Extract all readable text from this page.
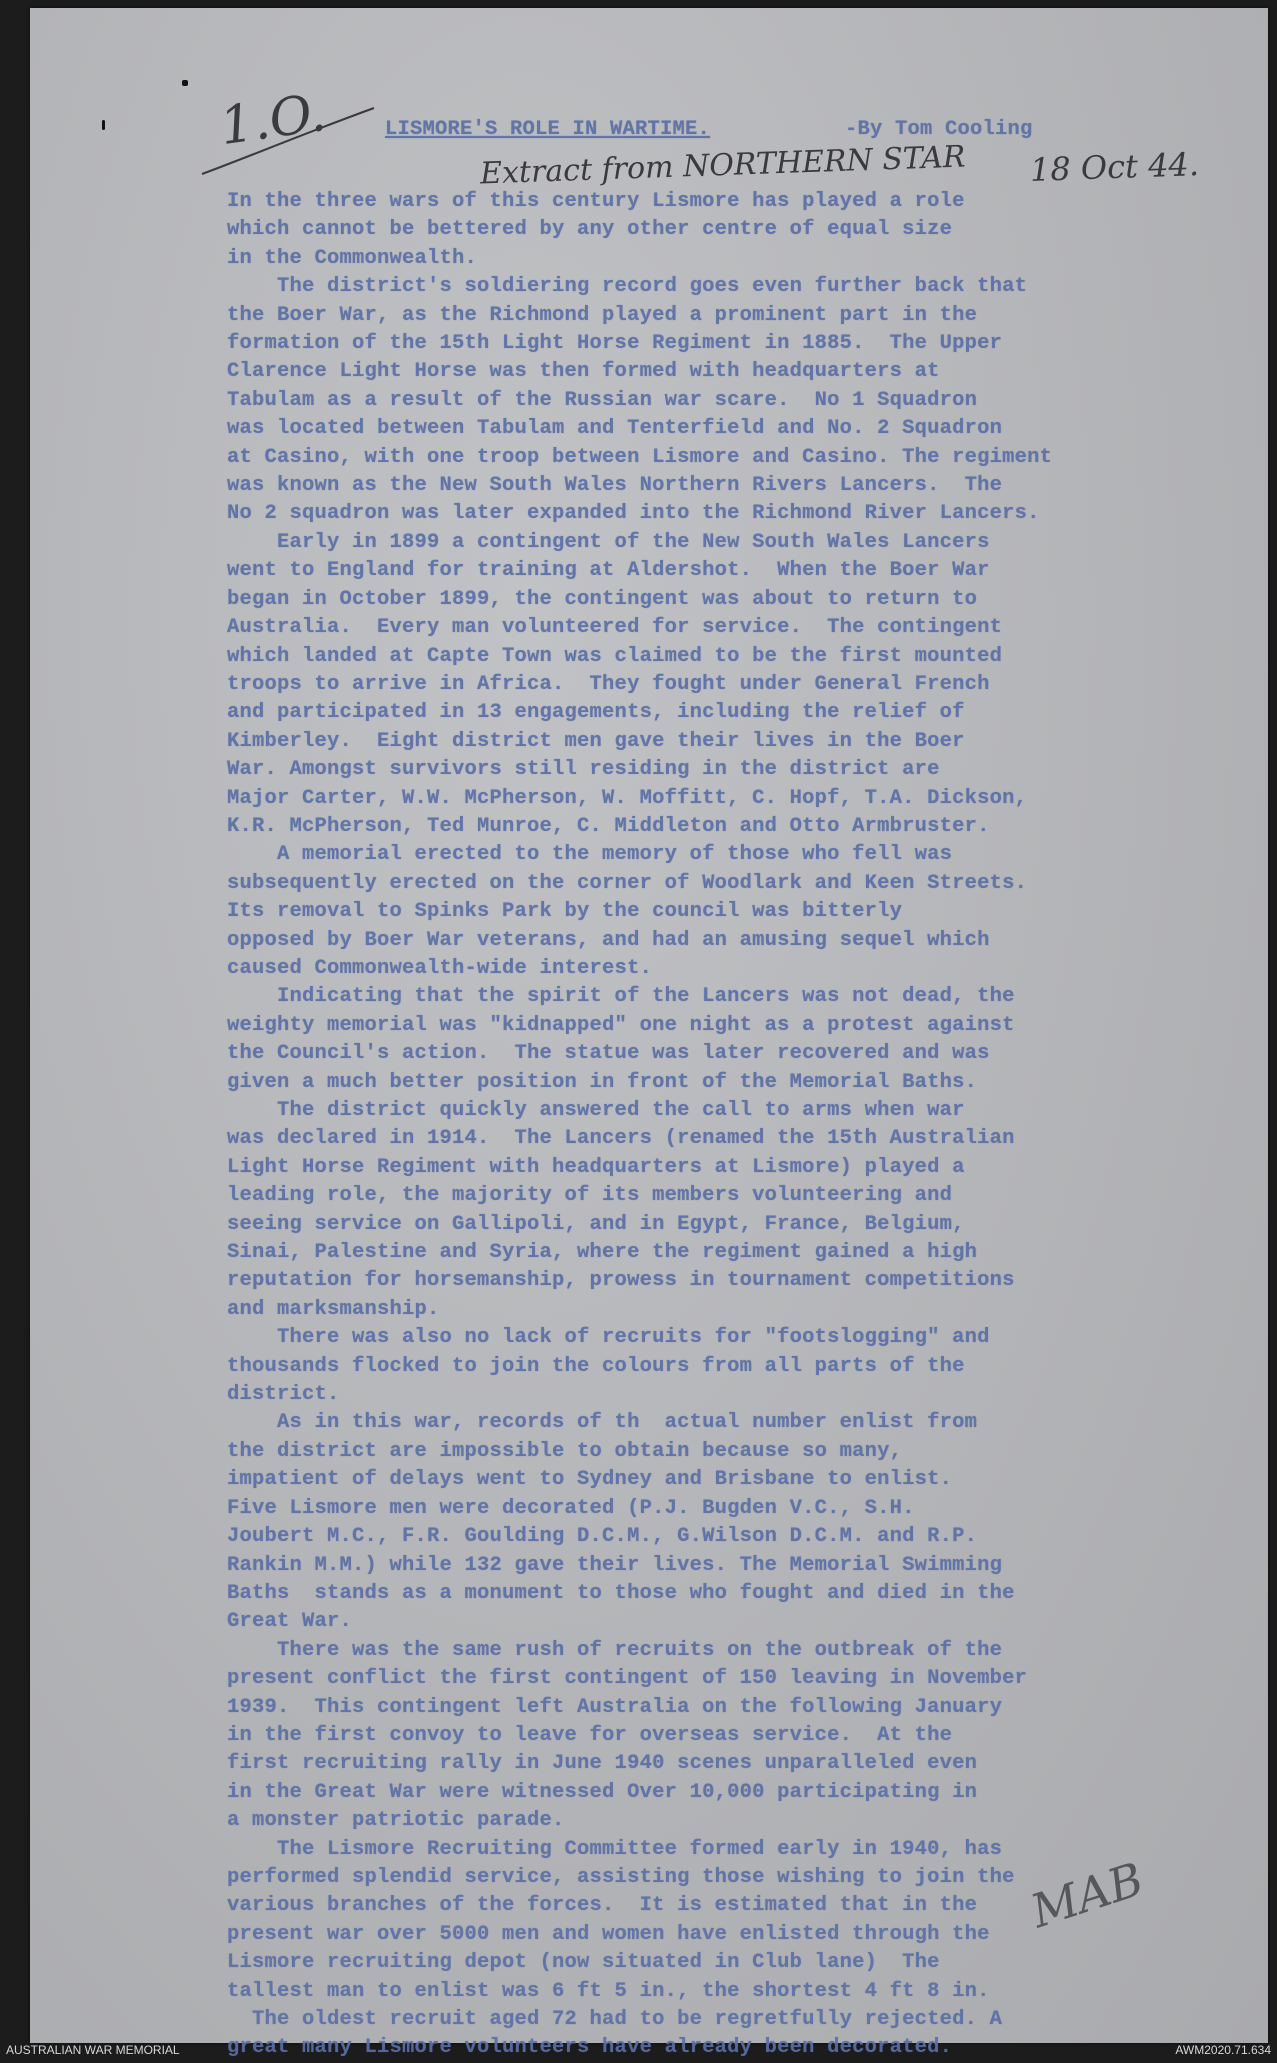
1.O.	LISMORE'S ROLE IN WARTIME.	-By Tom Cooling
Extract from NORTHERN STAR 18 Oct 44.
In the three wars of this century Lismore has played a role
which cannot be bettered by any other centre of equal size
in the Commonwealth.
The district's soldiering record goes even further back that
the Boer War, as the Richmond played a prominent part in the
formation of the 15th Light Horse Regiment in 1885.  The Upper
Clarence Light Horse was then formed with headquarters at
Tabulam as a result of the Russian war scare.  No 1 Squadron
was located between Tabulam and Tenterfield and No. 2 Squadron
at Casino, with one troop between Lismore and Casino. The regiment
was known as the New South Wales Northern Rivers Lancers.  The
No 2 squadron was later expanded into the Richmond River Lancers.
Early in 1899 a contingent of the New South Wales Lancers
went to England for training at Aldershot.  When the Boer War
began in October 1899, the contingent was about to return to
Australia.  Every man volunteered for service.  The contingent
which landed at Capte Town was claimed to be the first mounted
troops to arrive in Africa.  They fought under General French
and participated in 13 engagements, including the relief of
Kimberley.  Eight district men gave their lives in the Boer
War. Amongst survivors still residing in the district are
Major Carter, W.W. McPherson, W. Moffitt, C. Hopf, T.A. Dickson,
K.R. McPherson, Ted Munroe, C. Middleton and Otto Armbruster.
A memorial erected to the memory of those who fell was
subsequently erected on the corner of Woodlark and Keen Streets.
Its removal to Spinks Park by the council was bitterly
opposed by Boer War veterans, and had an amusing sequel which
caused Commonwealth-wide interest.
Indicating that the spirit of the Lancers was not dead, the
weighty memorial was "kidnapped" one night as a protest against
the Council's action.  The statue was later recovered and was
given a much better position in front of the Memorial Baths.
The district quickly answered the call to arms when war
was declared in 1914.  The Lancers (renamed the 15th Australian
Light Horse Regiment with headquarters at Lismore) played a
leading role, the majority of its members volunteering and
seeing service on Gallipoli, and in Egypt, France, Belgium,
Sinai, Palestine and Syria, where the regiment gained a high
reputation for horsemanship, prowess in tournament competitions
and marksmanship.
There was also no lack of recruits for "footslogging" and
thousands flocked to join the colours from all parts of the
district.
As in this war, records of th  actual number enlist from
the district are impossible to obtain because so many,
impatient of delays went to Sydney and Brisbane to enlist.
Five Lismore men were decorated (P.J. Bugden V.C., S.H.
Joubert M.C., F.R. Goulding D.C.M., G.Wilson D.C.M. and R.P.
Rankin M.M.) while 132 gave their lives. The Memorial Swimming
Baths  stands as a monument to those who fought and died in the
Great War.
There was the same rush of recruits on the outbreak of the
present conflict the first contingent of 150 leaving in November
1939.  This contingent left Australia on the following January
in the first convoy to leave for overseas service.  At the
first recruiting rally in June 1940 scenes unparalleled even
in the Great War were witnessed Over 10,000 participating in
a monster patriotic parade.
The Lismore Recruiting Committee formed early in 1940, has
performed splendid service, assisting those wishing to join the
various branches of the forces.  It is estimated that in the
present war over 5000 men and women have enlisted through the
Lismore recruiting depot (now situated in Club lane)  The
tallest man to enlist was 6 ft 5 in., the shortest 4 ft 8 in.
The oldest recruit aged 72 had to be regretfully rejected. A
great many Lismore volunteers have already been decorated.
MAB
AUSTRALIAN WAR MEMORIAL	AWM2020.71.634
